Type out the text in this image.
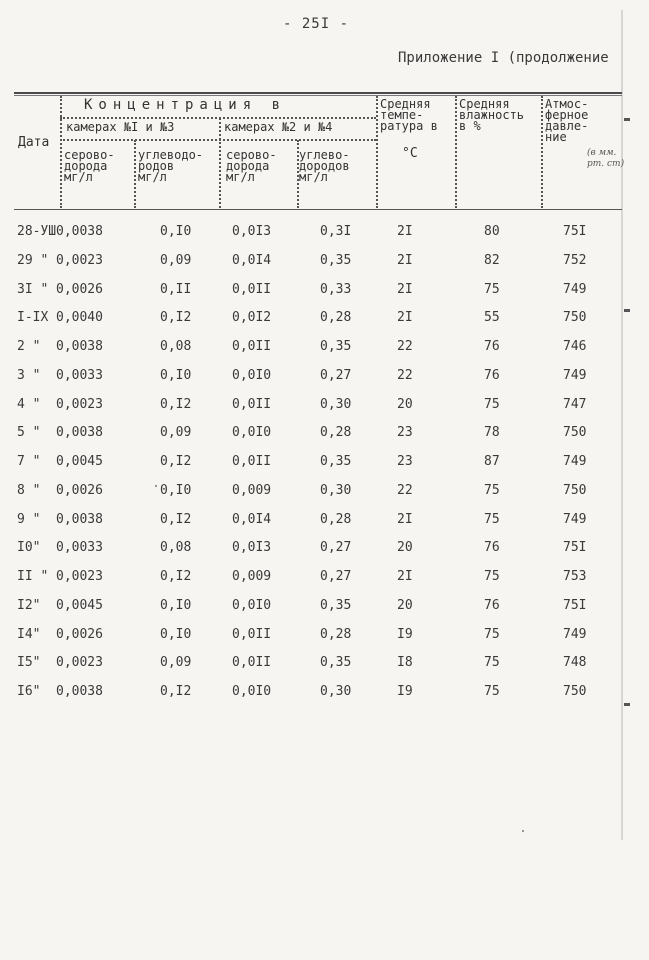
- 25I -
Приложение I (продолжение
Концентрация в
Дата
камерах №I и №3	камерах №2 и №4
серово-
дорода
мг/л
углеводо-
родов
мг/л
серово-
дорода
мг/л
углево-
дородов
мг/л
Средняя
темпе-
ратура в
°С
Средняя
влажность
в %
Атмос-
ферное
давле-
ние
(в мм.
рт. ст)
28-УШ 0,0038	0,I0	0,0I3	0,3I	2I	80	75I
29 " 0,0023	0,09	0,0I4	0,35	2I	82	752
3I " 0,0026	0,II	0,0II	0,33	2I	75	749
I-IX 0,0040	0,I2	0,0I2	0,28	2I	55	750
2 " 0,0038	0,08	0,0II	0,35	22	76	746
3 " 0,0033	0,I0	0,0I0	0,27	22	76	749
4 " 0,0023	0,I2	0,0II	0,30	20	75	747
5 " 0,0038	0,09	0,0I0	0,28	23	78	750
7 " 0,0045	0,I2	0,0II	0,35	23	87	749
8 " 0,0026	0,I0	0,009	0,30	22	75	750
9 " 0,0038	0,I2	0,0I4	0,28	2I	75	749
I0" 0,0033	0,08	0,0I3	0,27	20	76	75I
II " 0,0023	0,I2	0,009	0,27	2I	75	753
I2" 0,0045	0,I0	0,0I0	0,35	20	76	75I
I4" 0,0026	0,I0	0,0II	0,28	I9	75	749
I5" 0,0023	0,09	0,0II	0,35	I8	75	748
I6" 0,0038	0,I2	0,0I0	0,30	I9	75	750
